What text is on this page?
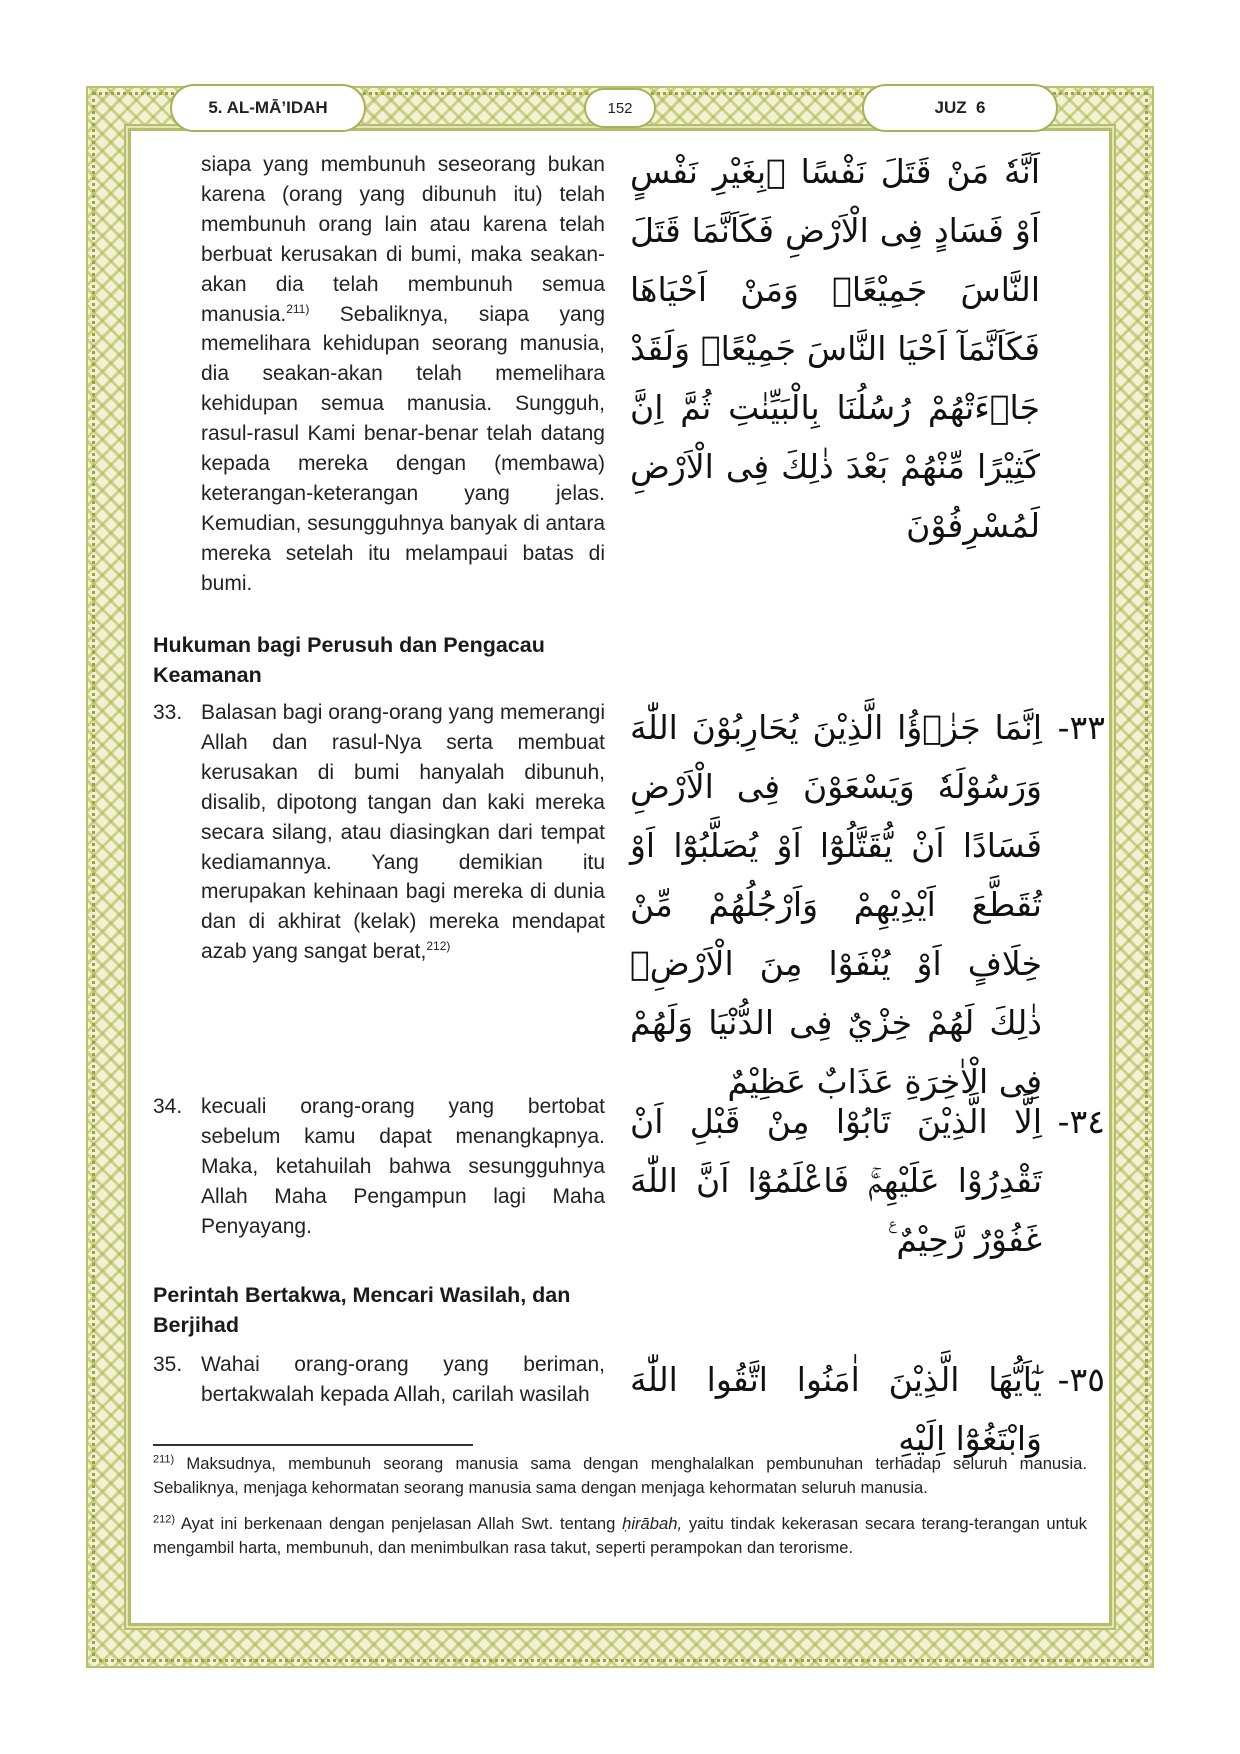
5. AL-MĀ’IDAH	152	JUZ  6

اَنَّهٗ مَنْ قَتَلَ نَفْسًا ۢبِغَيْرِ نَفْسٍ اَوْ فَسَادٍ فِى الْاَرْضِ فَكَاَنَّمَا قَتَلَ النَّاسَ جَمِيْعًاۗ وَمَنْ اَحْيَاهَا فَكَاَنَّمَآ اَحْيَا النَّاسَ جَمِيْعًاۗ وَلَقَدْ جَاۤءَتْهُمْ رُسُلُنَا بِالْبَيِّنٰتِ ثُمَّ اِنَّ كَثِيْرًا مِّنْهُمْ بَعْدَ ذٰلِكَ فِى الْاَرْضِ لَمُسْرِفُوْنَ

siapa yang membunuh seseorang bukan karena (orang yang dibunuh itu) telah membunuh orang lain atau karena telah berbuat kerusakan di bumi, maka seakan-akan dia telah membunuh semua manusia.$^{211)}$ Sebaliknya, siapa yang memelihara kehidupan seorang manusia, dia seakan-akan telah memelihara kehidupan semua manusia. Sungguh, rasul-rasul Kami benar-benar telah datang kepada mereka dengan (membawa) keterangan-keterangan yang jelas. Kemudian, sesungguhnya banyak di antara mereka setelah itu melampaui batas di bumi.

Hukuman bagi Perusuh dan Pengacau Keamanan
33. Balasan bagi orang-orang yang memerangi Allah dan rasul-Nya serta membuat kerusakan di bumi hanyalah dibunuh, disalib, dipotong tangan dan kaki mereka secara silang, atau diasingkan dari tempat kediamannya. Yang demikian itu merupakan kehinaan bagi mereka di dunia dan di akhirat (kelak) mereka mendapat azab yang sangat berat,$^{212)}$

٣٣-

اِنَّمَا جَزٰۤؤُا الَّذِيْنَ يُحَارِبُوْنَ اللّٰهَ وَرَسُوْلَهٗ وَيَسْعَوْنَ فِى الْاَرْضِ فَسَادًا اَنْ يُّقَتَّلُوْٓا اَوْ يُصَلَّبُوْٓا اَوْ تُقَطَّعَ اَيْدِيْهِمْ وَاَرْجُلُهُمْ مِّنْ خِلَافٍ اَوْ يُنْفَوْا مِنَ الْاَرْضِۗ ذٰلِكَ لَهُمْ خِزْيٌ فِى الدُّنْيَا وَلَهُمْ فِى الْاٰخِرَةِ عَذَابٌ عَظِيْمٌ

34. kecuali orang-orang yang bertobat sebelum kamu dapat menangkapnya. Maka, ketahuilah bahwa sesungguhnya Allah Maha Pengampun lagi Maha Penyayang.

٣٤-

اِلَّا الَّذِيْنَ تَابُوْا مِنْ قَبْلِ اَنْ تَقْدِرُوْا عَلَيْهِمْۚ فَاعْلَمُوْٓا اَنَّ اللّٰهَ غَفُوْرٌ رَّحِيْمٌ ࣖ

Perintah Bertakwa, Mencari Wasilah, dan Berjihad
35. Wahai orang-orang yang beriman, bertakwalah kepada Allah, carilah wasilah	٣٥-

يٰٓاَيُّهَا الَّذِيْنَ اٰمَنُوا اتَّقُوا اللّٰهَ وَابْتَغُوْٓا اِلَيْهِ

$^{211)}$ Maksudnya, membunuh seorang manusia sama dengan menghalalkan pembunuhan terhadap seluruh manusia. Sebaliknya, menjaga kehormatan seorang manusia sama dengan menjaga kehormatan seluruh manusia.

$^{212)}$ Ayat ini berkenaan dengan penjelasan Allah Swt. tentang ḥirābah, yaitu tindak kekerasan secara terang-terangan untuk mengambil harta, membunuh, dan menimbulkan rasa takut, seperti perampokan dan terorisme.
